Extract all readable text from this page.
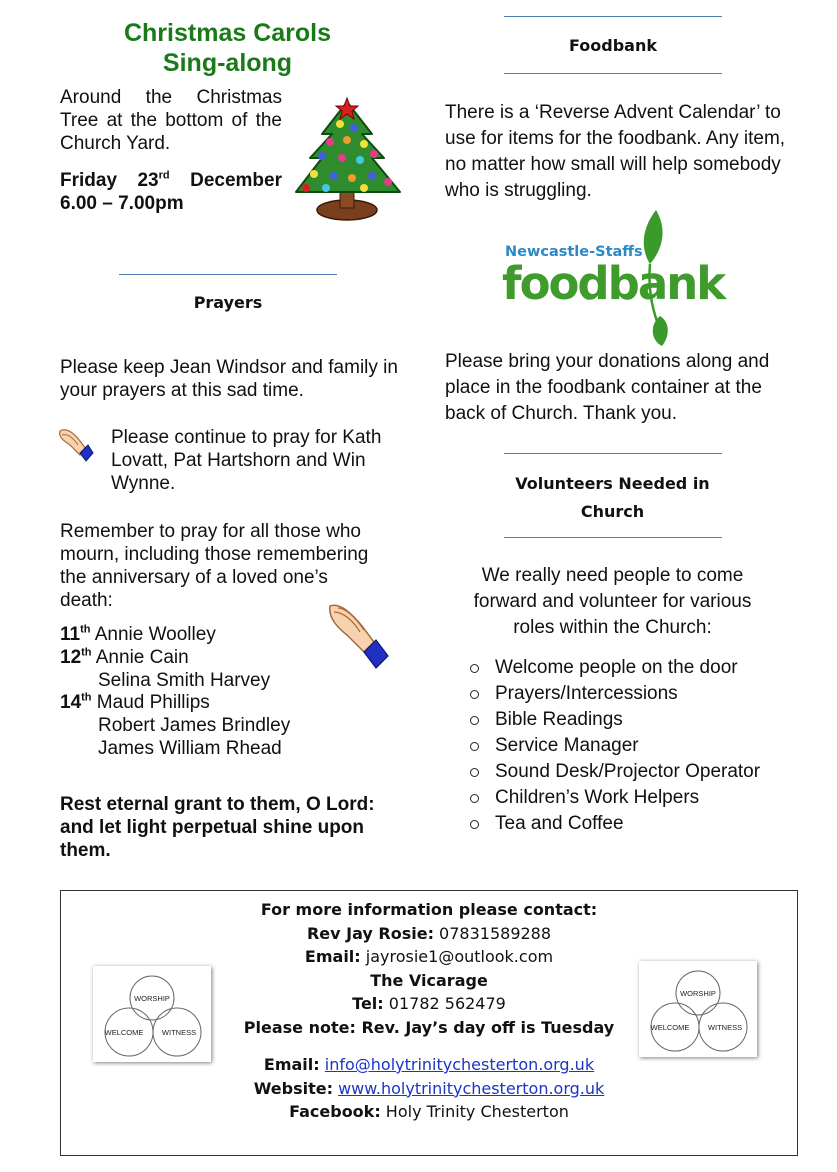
Christmas Carols
Sing-along
Around the Christmas Tree at the bottom of the Church Yard.
Friday 23rd December
6.00 – 7.00pm
Prayers
Please keep Jean Windsor and family in your prayers at this sad time.
Please continue to pray for Kath Lovatt, Pat Hartshorn and Win Wynne.
Remember to pray for all those who mourn, including those remembering the anniversary of a loved one’s death:
11th Annie Woolley
12th Annie Cain
Selina Smith Harvey
14th Maud Phillips
Robert James Brindley
James William Rhead
Rest eternal grant to them, O Lord: and let light perpetual shine upon them.
Foodbank
There is a ‘Reverse Advent Calendar’ to use for items for the foodbank. Any item, no matter how small will help somebody who is struggling.
Newcastle-Staffs
foodbank
Please bring your donations along and place in the foodbank container at the back of Church. Thank you.
Volunteers Needed in
Church
We really need people to come forward and volunteer for various roles within the Church:
Welcome people on the door
Prayers/Intercessions
Bible Readings
Service Manager
Sound Desk/Projector Operator
Children’s Work Helpers
Tea and Coffee
For more information please contact:
Rev Jay Rosie: 07831589288
Email: jayrosie1@outlook.com
The Vicarage
Tel: 01782 562479
Please note: Rev. Jay’s day off is Tuesday
Email: info@holytrinitychesterton.org.uk
Website: www.holytrinitychesterton.org.uk
Facebook: Holy Trinity Chesterton
WORSHIP
WELCOME WITNESS
WORSHIP
WELCOME WITNESS
